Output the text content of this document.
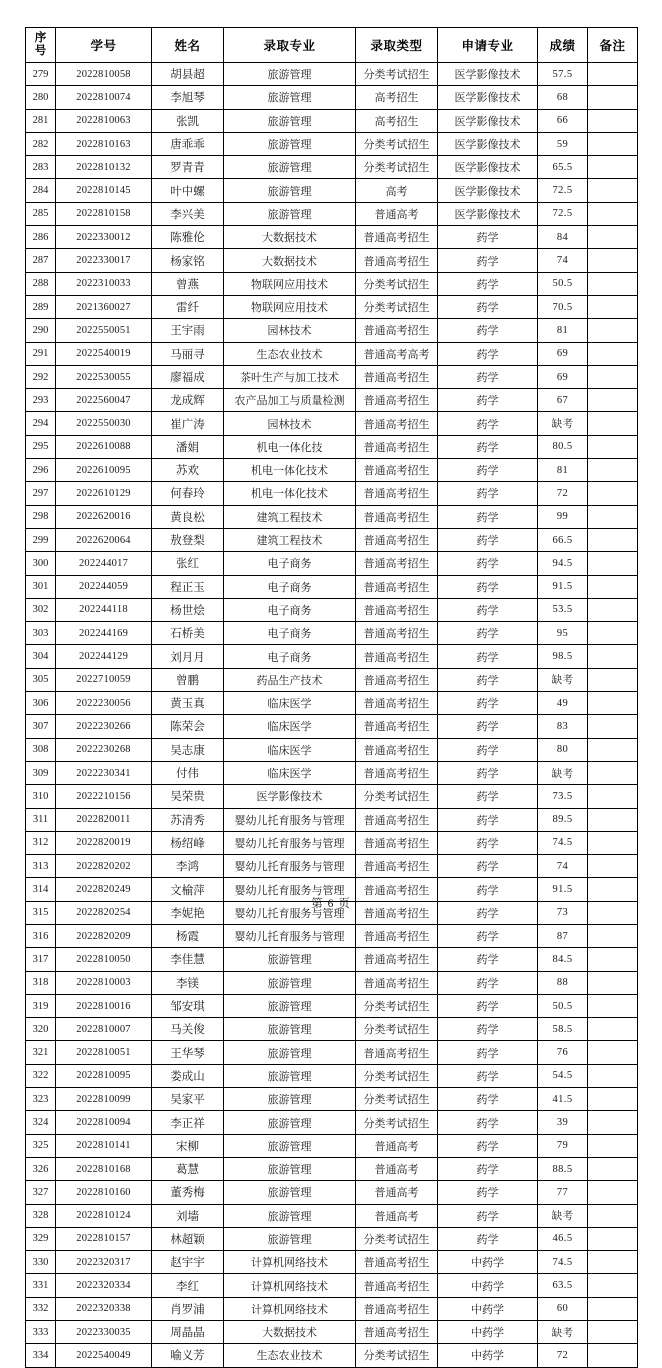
序号	学号	姓名	录取专业	录取类型	申请专业	成绩	备注
279	2022810058	胡县超	旅游管理	分类考试招生	医学影像技术	57.5	
280	2022810074	李旭琴	旅游管理	高考招生	医学影像技术	68	
281	2022810063	张凯	旅游管理	高考招生	医学影像技术	66	
282	2022810163	唐乖乖	旅游管理	分类考试招生	医学影像技术	59	
283	2022810132	罗青青	旅游管理	分类考试招生	医学影像技术	65.5	
284	2022810145	叶中螺	旅游管理	高考	医学影像技术	72.5	
285	2022810158	李兴美	旅游管理	普通高考	医学影像技术	72.5	
286	2022330012	陈雅伦	大数据技术	普通高考招生	药学	84	
287	2022330017	杨家铭	大数据技术	普通高考招生	药学	74	
288	2022310033	曾燕	物联网应用技术	分类考试招生	药学	50.5	
289	2021360027	雷纤	物联网应用技术	分类考试招生	药学	70.5	
290	2022550051	王宇雨	园林技术	普通高考招生	药学	81	
291	2022540019	马丽寻	生态农业技术	普通高考高考	药学	69	
292	2022530055	廖福成	茶叶生产与加工技术	普通高考招生	药学	69	
293	2022560047	龙成辉	农产品加工与质量检测	普通高考招生	药学	67	
294	2022550030	崔广涛	园林技术	普通高考招生	药学	缺考	
295	2022610088	潘娟	机电一体化技	普通高考招生	药学	80.5	
296	2022610095	苏欢	机电一体化技术	普通高考招生	药学	81	
297	2022610129	何春玲	机电一体化技术	普通高考招生	药学	72	
298	2022620016	黄良松	建筑工程技术	普通高考招生	药学	99	
299	2022620064	敖登梨	建筑工程技术	普通高考招生	药学	66.5	
300	202244017	张红	电子商务	普通高考招生	药学	94.5	
301	202244059	程正玉	电子商务	普通高考招生	药学	91.5	
302	202244118	杨世烩	电子商务	普通高考招生	药学	53.5	
303	202244169	石桥美	电子商务	普通高考招生	药学	95	
304	202244129	刘月月	电子商务	普通高考招生	药学	98.5	
305	2022710059	曾鹏	药品生产技术	普通高考招生	药学	缺考	
306	2022230056	黄玉真	临床医学	普通高考招生	药学	49	
307	2022230266	陈荣会	临床医学	普通高考招生	药学	83	
308	2022230268	吴志康	临床医学	普通高考招生	药学	80	
309	2022230341	付伟	临床医学	普通高考招生	药学	缺考	
310	2022210156	吴荣贵	医学影像技术	分类考试招生	药学	73.5	
311	2022820011	苏清秀	婴幼儿托育服务与管理	普通高考招生	药学	89.5	
312	2022820019	杨绍峰	婴幼儿托育服务与管理	普通高考招生	药学	74.5	
313	2022820202	李鸿	婴幼儿托育服务与管理	普通高考招生	药学	74	
314	2022820249	文榆萍	婴幼儿托育服务与管理	普通高考招生	药学	91.5	
315	2022820254	李妮艳	婴幼儿托育服务与管理	普通高考招生	药学	73	
316	2022820209	杨霞	婴幼儿托育服务与管理	普通高考招生	药学	87	
317	2022810050	李佳慧	旅游管理	普通高考招生	药学	84.5	
318	2022810003	李镁	旅游管理	普通高考招生	药学	88	
319	2022810016	邹安琪	旅游管理	分类考试招生	药学	50.5	
320	2022810007	马关俊	旅游管理	分类考试招生	药学	58.5	
321	2022810051	王华琴	旅游管理	普通高考招生	药学	76	
322	2022810095	娄成山	旅游管理	分类考试招生	药学	54.5	
323	2022810099	吴家平	旅游管理	分类考试招生	药学	41.5	
324	2022810094	李正祥	旅游管理	分类考试招生	药学	39	
325	2022810141	宋柳	旅游管理	普通高考	药学	79	
326	2022810168	葛慧	旅游管理	普通高考	药学	88.5	
327	2022810160	董秀梅	旅游管理	普通高考	药学	77	
328	2022810124	刘墙	旅游管理	普通高考	药学	缺考	
329	2022810157	林超颖	旅游管理	分类考试招生	药学	46.5	
330	2022320317	赵宇宇	计算机网络技术	普通高考招生	中药学	74.5	
331	2022320334	李红	计算机网络技术	普通高考招生	中药学	63.5	
332	2022320338	肖罗浦	计算机网络技术	普通高考招生	中药学	60	
333	2022330035	周晶晶	大数据技术	普通高考招生	中药学	缺考	
334	2022540049	喻义芳	生态农业技术	分类考试招生	中药学	72	
第 6 页
